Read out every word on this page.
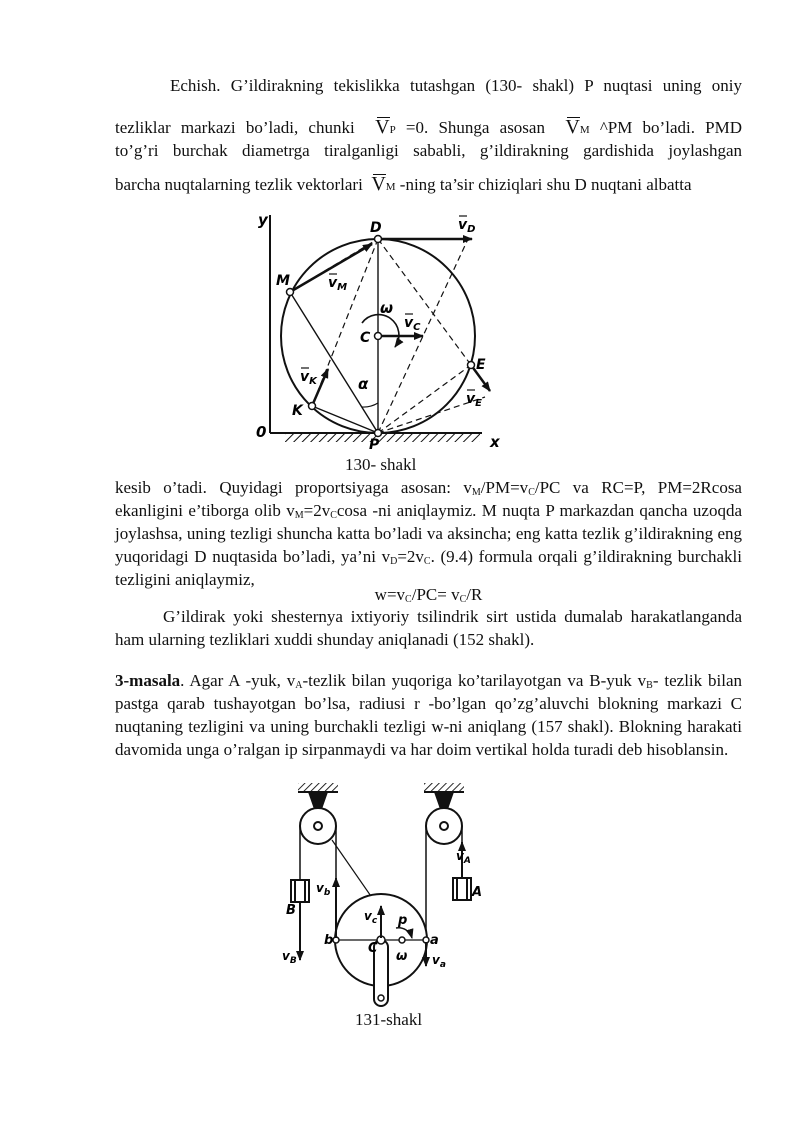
Echish. G’ildirakning tekislikka tutashgan (130- shakl) P nuqtasi uning oniy
tezliklar markazi bo’ladi, chunki VP =0. Shunga asosan VM ^PM bo’ladi. PMD
to’g’ri burchak diametrga tiralganligi sababli, g’ildirakning gardishida joylashgan
barcha nuqtalarning tezlik vektorlari VM -ning ta’sir chiziqlari shu D nuqtani albatta
y
0
x
D
M
C
E
K
P
ω
α
$v_D$
$v_M$
$v_C$
$v_E$
$v_K$
130- shakl
kesib o’tadi. Quyidagi proportsiyaga asosan: $v_M/PM=v_C/PC$ va RC=P, PM=2Rcosa ekanligini e’tiborga olib $v_M=2v_C\cos a$ -ni aniqlaymiz. M nuqta P markazdan qancha uzoqda joylashsa, uning tezligi shuncha katta bo’ladi va aksincha; eng katta tezlik g’ildirakning eng yuqoridagi D nuqtasida bo’ladi, ya’ni $v_D=2v_C$. (9.4) formula orqali g’ildirakning burchakli tezligini aniqlaymiz,
$w=v_C/PC= v_C/R$
G’ildirak yoki shesternya ixtiyoriy tsilindrik sirt ustida dumalab harakatlanganda ham ularning tezliklari xuddi shunday aniqlanadi (152 shakl).
3-masala. Agar A -yuk, $v_A$-tezlik bilan yuqoriga ko’tarilayotgan va B-yuk $v_B-$ tezlik bilan pastga qarab tushayotgan bo’lsa, radiusi r -bo’lgan qo’zg’aluvchi blokning markazi C nuqtaning tezligini va uning burchakli tezligi w-ni aniqlang (157 shakl). Blokning harakati davomida unga o’ralgan ip sirpanmaydi va har doim vertikal holda turadi deb hisoblansin.
$v_A$
A
B
$v_B$
$v_b$
$v_c$ p
C
b	a
ω $v_a$
131-shakl
